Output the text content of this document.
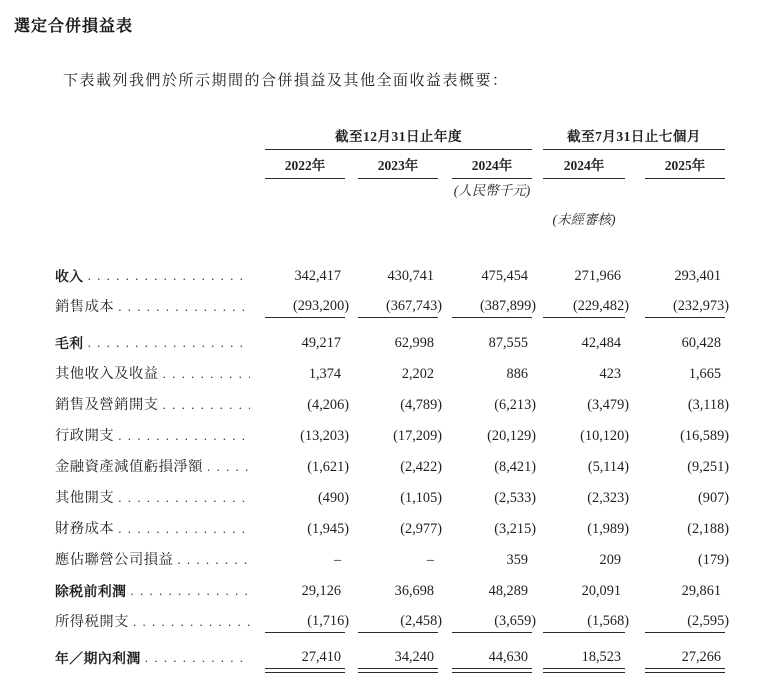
選定合併損益表
下表載列我們於所示期間的合併損益及其他全面收益表概要：
截至12月31日止年度	截至7月31日止七個月
2022年	2023年	2024年	2024年	2025年
(人民幣千元)
(未經審核)
收入 . . .	342,417	430,741	475,454	271,966	293,401
銷售成本 . . .	(293,200)	(367,743)	(387,899)	(229,482)	(232,973)
毛利 . . .	49,217	62,998	87,555	42,484	60,428
其他收入及收益 . . .	1,374	2,202	886	423	1,665
銷售及營銷開支 . . .	(4,206)	(4,789)	(6,213)	(3,479)	(3,118)
行政開支 . . .	(13,203)	(17,209)	(20,129)	(10,120)	(16,589)
金融資產減值虧損淨額 . . .	(1,621)	(2,422)	(8,421)	(5,114)	(9,251)
其他開支 . . .	(490)	(1,105)	(2,533)	(2,323)	(907)
財務成本 . . .	(1,945)	(2,977)	(3,215)	(1,989)	(2,188)
應佔聯營公司損益 . . .	–	–	359	209	(179)
除税前利潤 . . .	29,126	36,698	48,289	20,091	29,861
所得税開支 . . .	(1,716)	(2,458)	(3,659)	(1,568)	(2,595)
年／期內利潤 . . .	27,410	34,240	44,630	18,523	27,266
